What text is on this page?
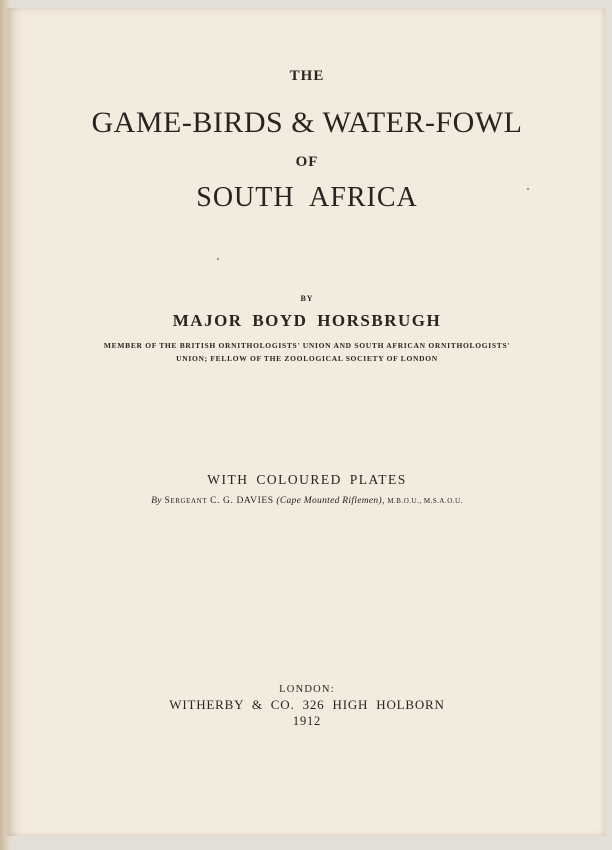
THE
GAME-BIRDS & WATER-FOWL
OF
SOUTH AFRICA
BY
MAJOR BOYD HORSBRUGH
MEMBER OF THE BRITISH ORNITHOLOGISTS' UNION AND SOUTH AFRICAN ORNITHOLOGISTS'
UNION; FELLOW OF THE ZOOLOGICAL SOCIETY OF LONDON
WITH COLOURED PLATES
By Sergeant C. G. DAVIES (Cape Mounted Riflemen), M.B.O.U., M.S.A.O.U.
LONDON:
WITHERBY & CO. 326 HIGH HOLBORN
1912
